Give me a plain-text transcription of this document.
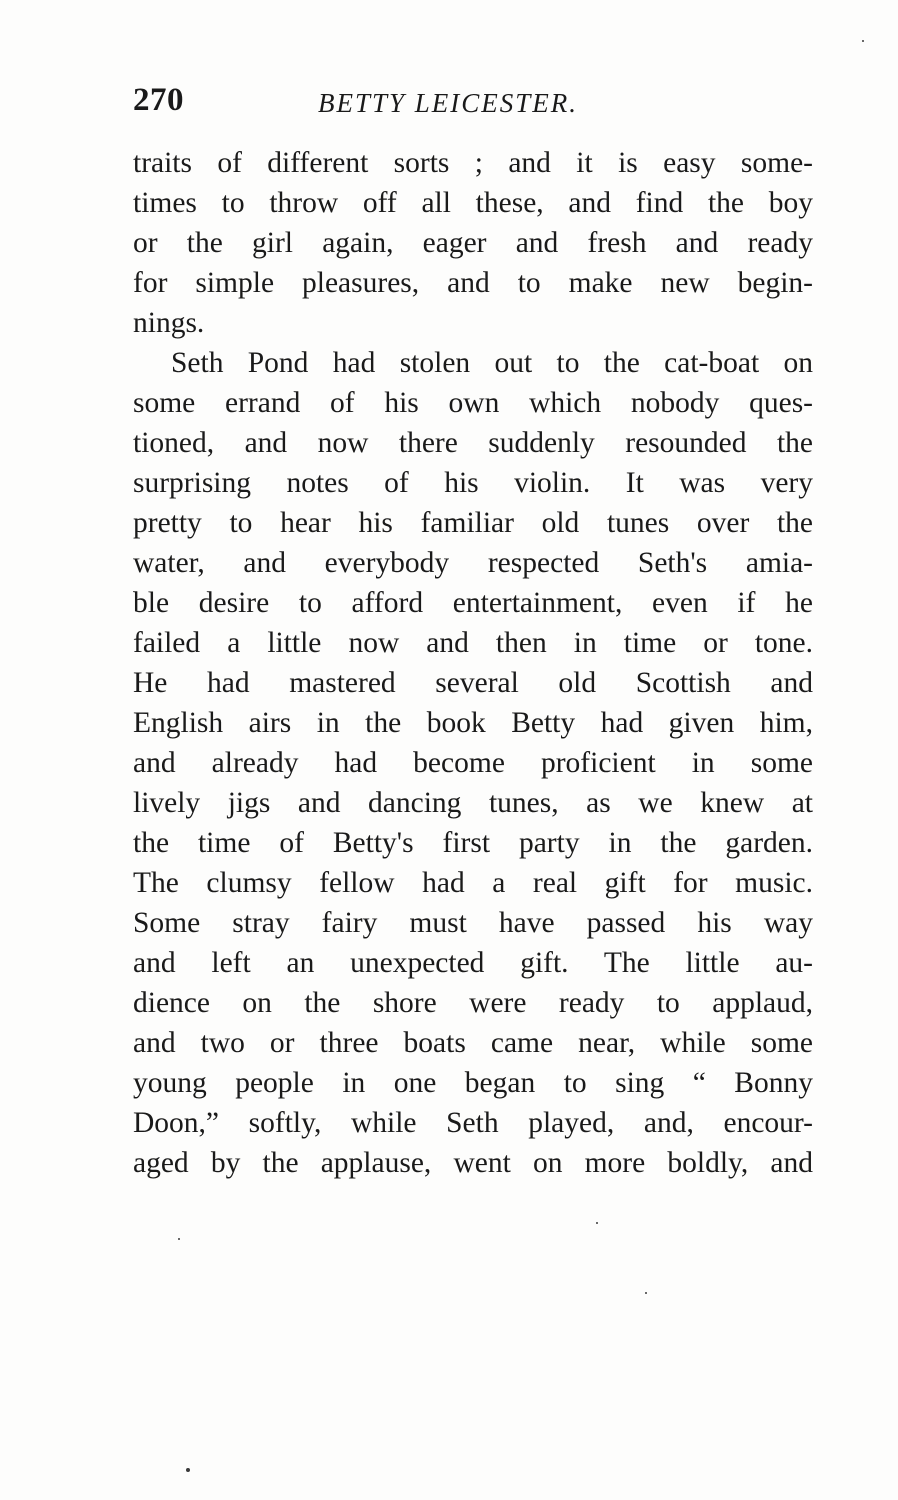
270	BETTY LEICESTER.
traits of different sorts ; and it is easy some-
times to throw off all these, and find the boy
or the girl again, eager and fresh and ready
for simple pleasures, and to make new begin-
nings.
Seth Pond had stolen out to the cat-boat on
some errand of his own which nobody ques-
tioned, and now there suddenly resounded the
surprising notes of his violin. It was very
pretty to hear his familiar old tunes over the
water, and everybody respected Seth's amia-
ble desire to afford entertainment, even if he
failed a little now and then in time or tone.
He had mastered several old Scottish and
English airs in the book Betty had given him,
and already had become proficient in some
lively jigs and dancing tunes, as we knew at
the time of Betty's first party in the garden.
The clumsy fellow had a real gift for music.
Some stray fairy must have passed his way
and left an unexpected gift. The little au-
dience on the shore were ready to applaud,
and two or three boats came near, while some
young people in one began to sing “ Bonny
Doon,” softly, while Seth played, and, encour-
aged by the applause, went on more boldly, and
